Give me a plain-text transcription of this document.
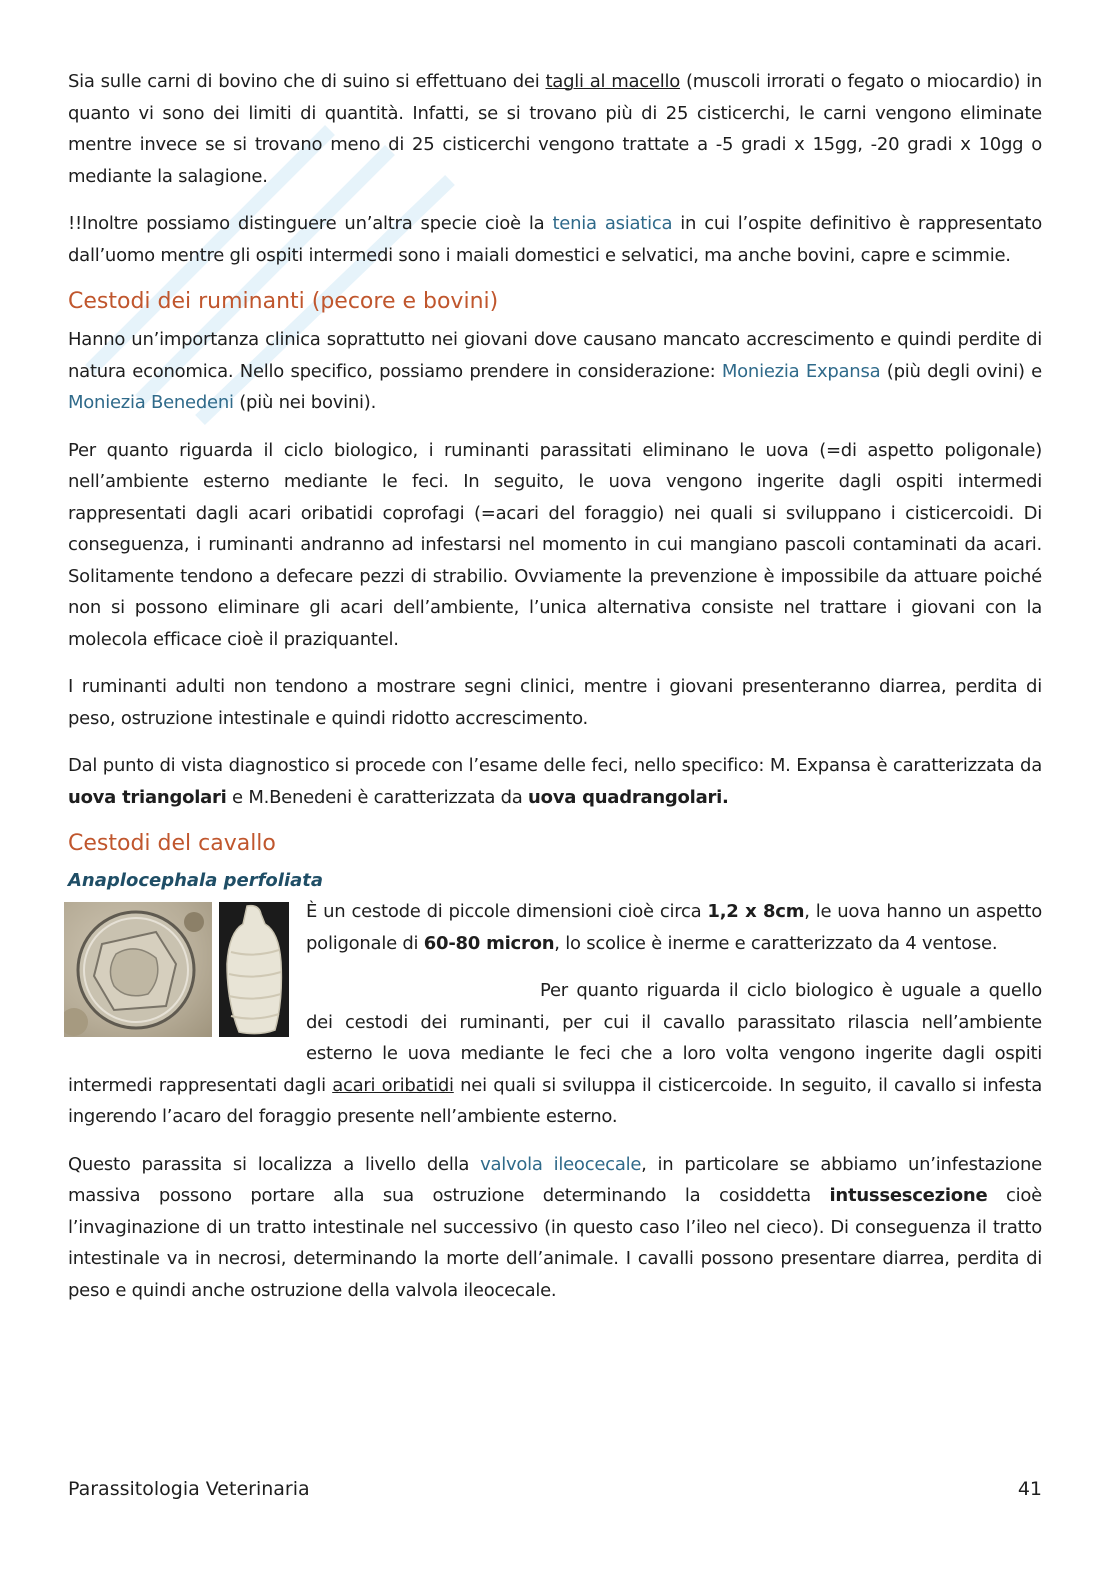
Sia sulle carni di bovino che di suino si effettuano dei tagli al macello (muscoli irrorati o fegato o miocardio) in quanto vi sono dei limiti di quantità. Infatti, se si trovano più di 25 cisticerchi, le carni vengono eliminate mentre invece se si trovano meno di 25 cisticerchi vengono trattate a -5 gradi x 15gg, -20 gradi x 10gg o mediante la salagione.

!!Inoltre possiamo distinguere un’altra specie cioè la tenia asiatica in cui l’ospite definitivo è rappresentato dall’uomo mentre gli ospiti intermedi sono i maiali domestici e selvatici, ma anche bovini, capre e scimmie.

Cestodi dei ruminanti (pecore e bovini)

Hanno un’importanza clinica soprattutto nei giovani dove causano mancato accrescimento e quindi perdite di natura economica. Nello specifico, possiamo prendere in considerazione: Moniezia Expansa (più degli ovini) e Moniezia Benedeni (più nei bovini).

Per quanto riguarda il ciclo biologico, i ruminanti parassitati eliminano le uova (=di aspetto poligonale) nell’ambiente esterno mediante le feci. In seguito, le uova vengono ingerite dagli ospiti intermedi rappresentati dagli acari oribatidi coprofagi (=acari del foraggio) nei quali si sviluppano i cisticercoidi. Di conseguenza, i ruminanti andranno ad infestarsi nel momento in cui mangiano pascoli contaminati da acari. Solitamente tendono a defecare pezzi di strabilio. Ovviamente la prevenzione è impossibile da attuare poiché non si possono eliminare gli acari dell’ambiente, l’unica alternativa consiste nel trattare i giovani con la molecola efficace cioè il praziquantel.

I ruminanti adulti non tendono a mostrare segni clinici, mentre i giovani presenteranno diarrea, perdita di peso, ostruzione intestinale e quindi ridotto accrescimento.

Dal punto di vista diagnostico si procede con l’esame delle feci, nello specifico: M. Expansa è caratterizzata da uova triangolari e M.Benedeni è caratterizzata da uova quadrangolari.

Cestodi del cavallo
Anaplocephala perfoliata

È un cestode di piccole dimensioni cioè circa 1,2 x 8cm, le uova hanno un aspetto poligonale di 60-80 micron, lo scolice è inerme e caratterizzato da 4 ventose.

Per quanto riguarda il ciclo biologico è uguale a quello dei cestodi dei ruminanti, per cui il cavallo parassitato rilascia nell’ambiente esterno le uova mediante le feci che a loro volta vengono ingerite dagli ospiti intermedi rappresentati dagli acari oribatidi nei quali si sviluppa il cisticercoide. In seguito, il cavallo si infesta ingerendo l’acaro del foraggio presente nell’ambiente esterno.

Questo parassita si localizza a livello della valvola ileocecale, in particolare se abbiamo un’infestazione massiva possono portare alla sua ostruzione determinando la cosiddetta intussescezione cioè l’invaginazione di un tratto intestinale nel successivo (in questo caso l’ileo nel cieco). Di conseguenza il tratto intestinale va in necrosi, determinando la morte dell’animale. I cavalli possono presentare diarrea, perdita di peso e quindi anche ostruzione della valvola ileocecale.

Parassitologia Veterinaria	41
